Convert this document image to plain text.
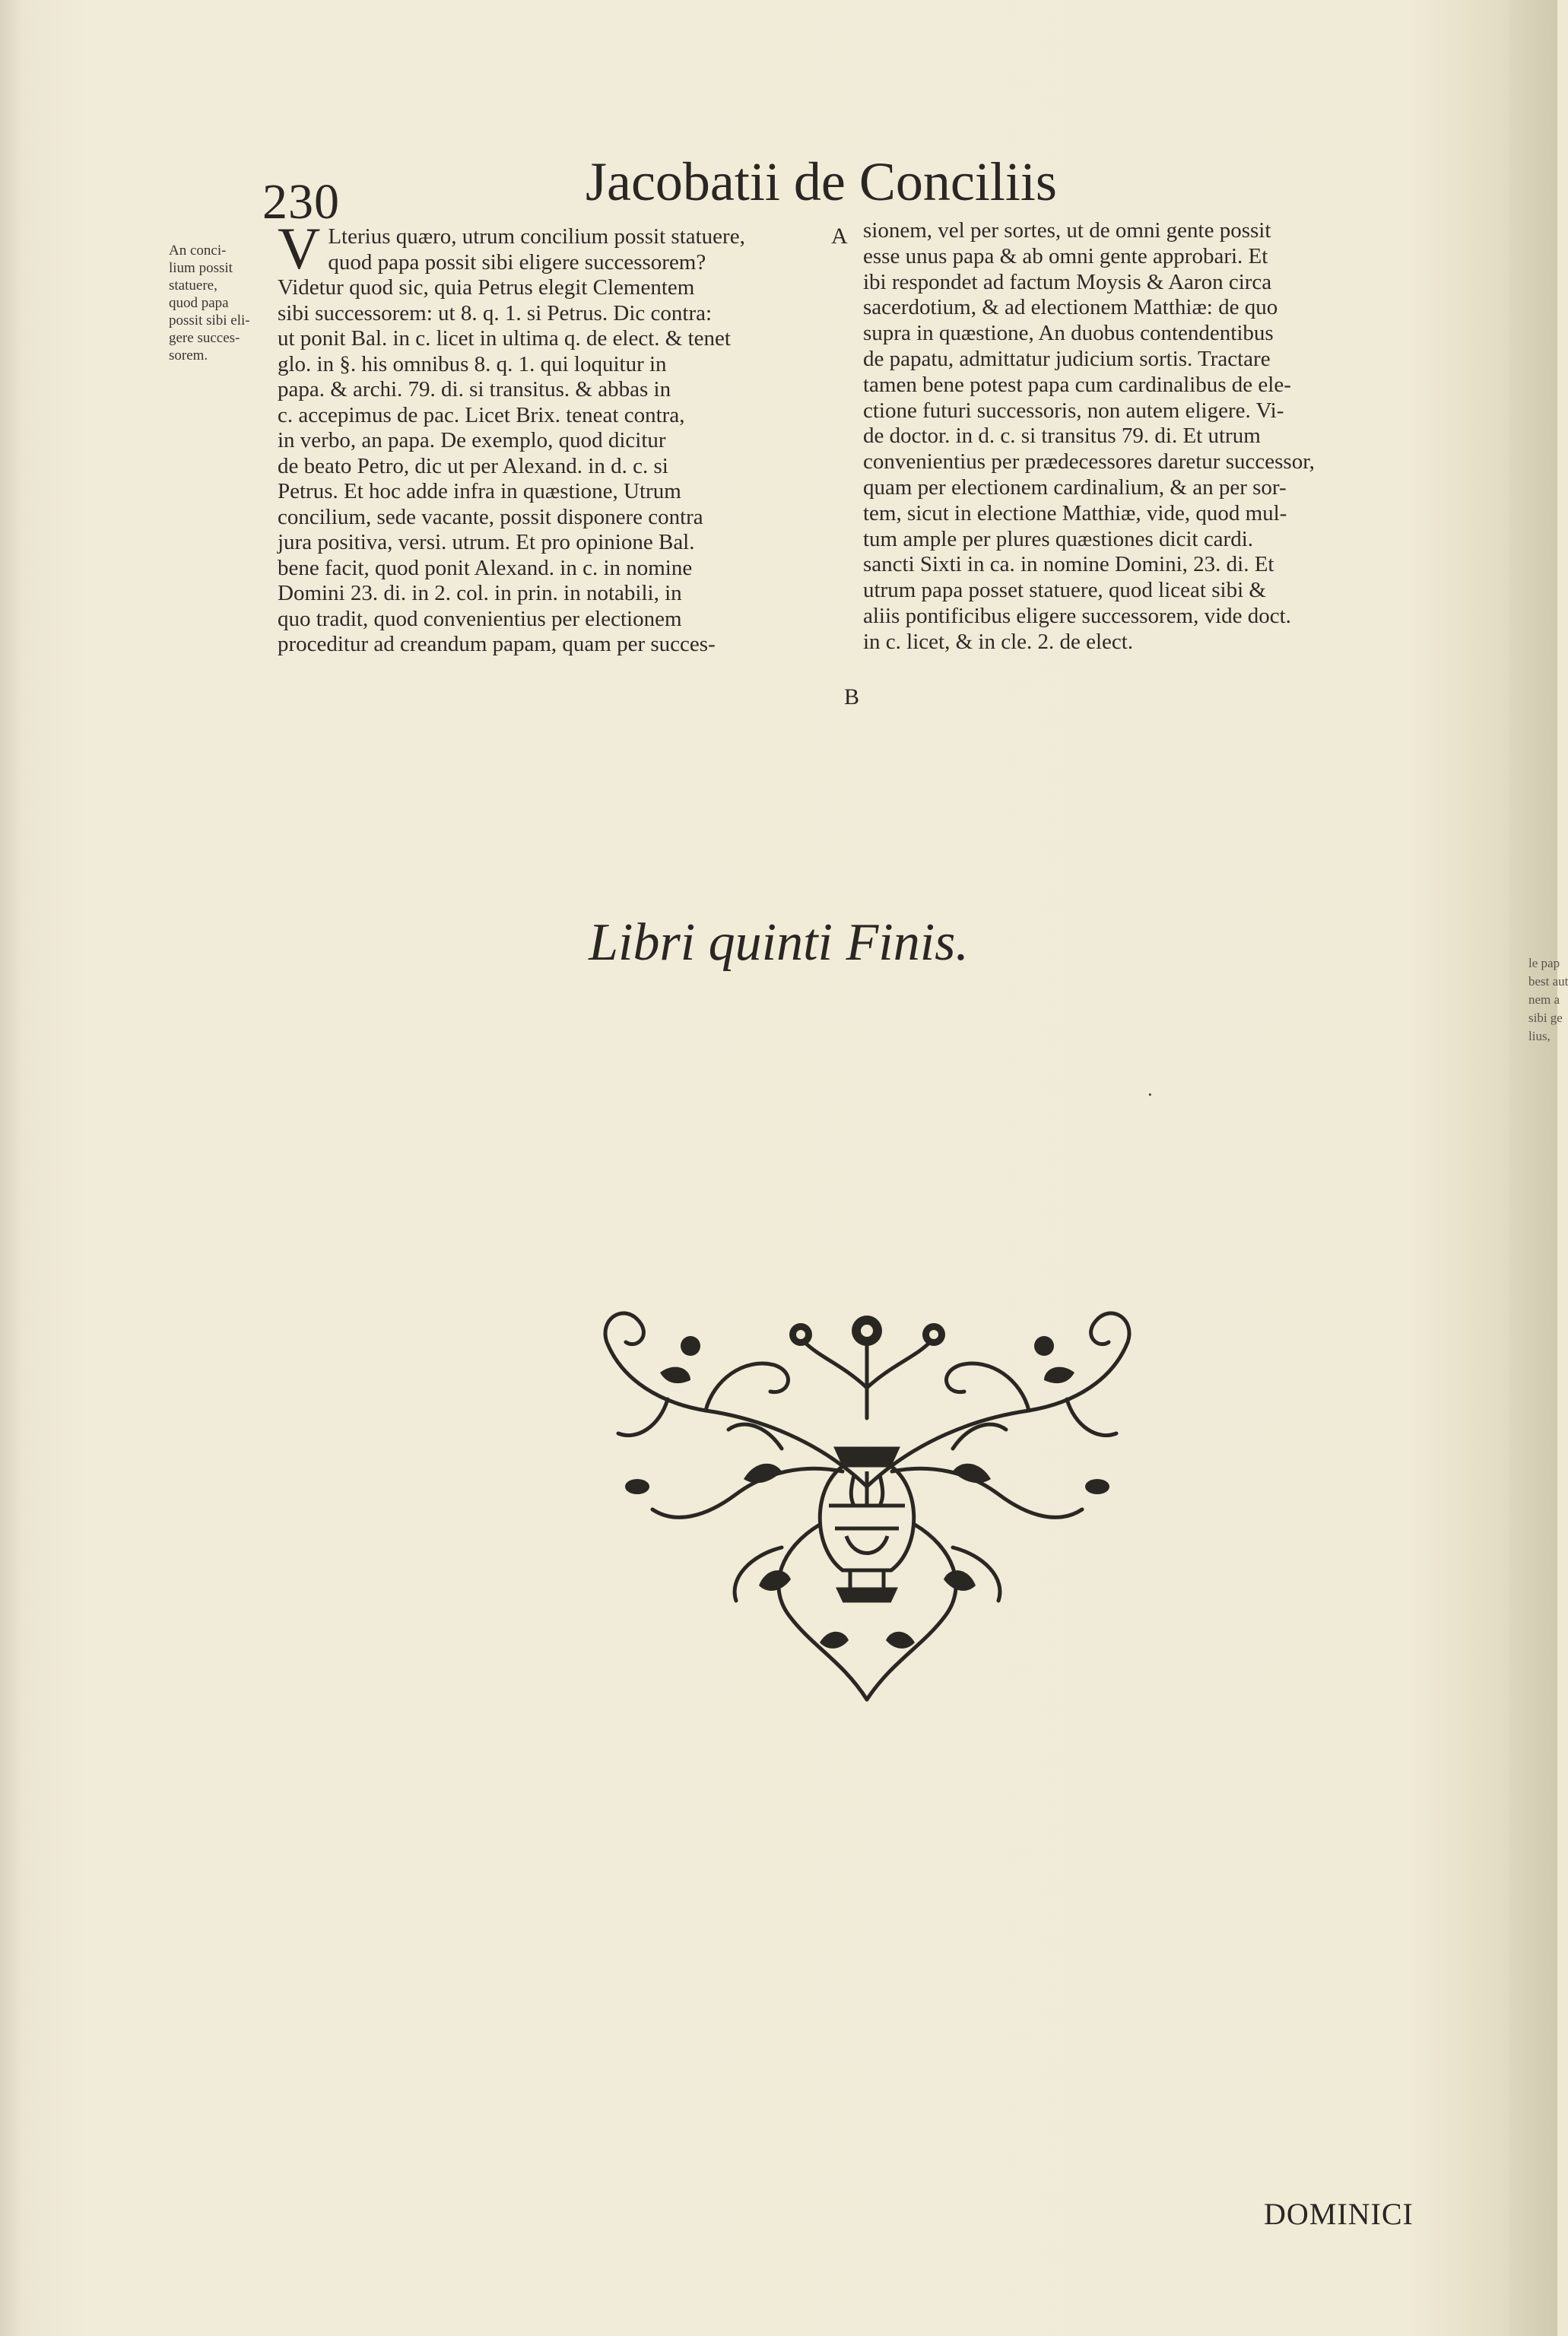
le pap
best aut
nem a
sibi ge
lius,
230	Jacobatii de Conciliis
An conci-
lium possit
statuere,
quod papa
possit sibi eli-
gere succes-
sorem.
V Lterius quæro, utrum concilium possit statuere,
quod papa possit sibi eligere successorem?
Videtur quod sic, quia Petrus elegit Clementem
sibi successorem: ut 8. q. 1. si Petrus. Dic contra:
ut ponit Bal. in c. licet in ultima q. de elect. & tenet
glo. in §. his omnibus 8. q. 1. qui loquitur in
papa. & archi. 79. di. si transitus. & abbas in
c. accepimus de pac. Licet Brix. teneat contra,
in verbo, an papa. De exemplo, quod dicitur
de beato Petro, dic ut per Alexand. in d. c. si
Petrus. Et hoc adde infra in quæstione, Utrum
concilium, sede vacante, possit disponere contra
jura positiva, versi. utrum. Et pro opinione Bal.
bene facit, quod ponit Alexand. in c. in nomine
Domini 23. di. in 2. col. in prin. in notabili, in
quo tradit, quod convenientius per electionem
proceditur ad creandum papam, quam per succes-
A
B
sionem, vel per sortes, ut de omni gente possit
esse unus papa & ab omni gente approbari. Et
ibi respondet ad factum Moysis & Aaron circa
sacerdotium, & ad electionem Matthiæ: de quo
supra in quæstione, An duobus contendentibus
de papatu, admittatur judicium sortis. Tractare
tamen bene potest papa cum cardinalibus de ele-
ctione futuri successoris, non autem eligere. Vi-
de doctor. in d. c. si transitus 79. di. Et utrum
convenientius per prædecessores daretur successor,
quam per electionem cardinalium, & an per sor-
tem, sicut in electione Matthiæ, vide, quod mul-
tum ample per plures quæstiones dicit cardi.
sancti Sixti in ca. in nomine Domini, 23. di. Et
utrum papa posset statuere, quod liceat sibi &
aliis pontificibus eligere successorem, vide doct.
in c. licet, & in cle. 2. de elect.
Libri quinti Finis.
·
DOMINICI
